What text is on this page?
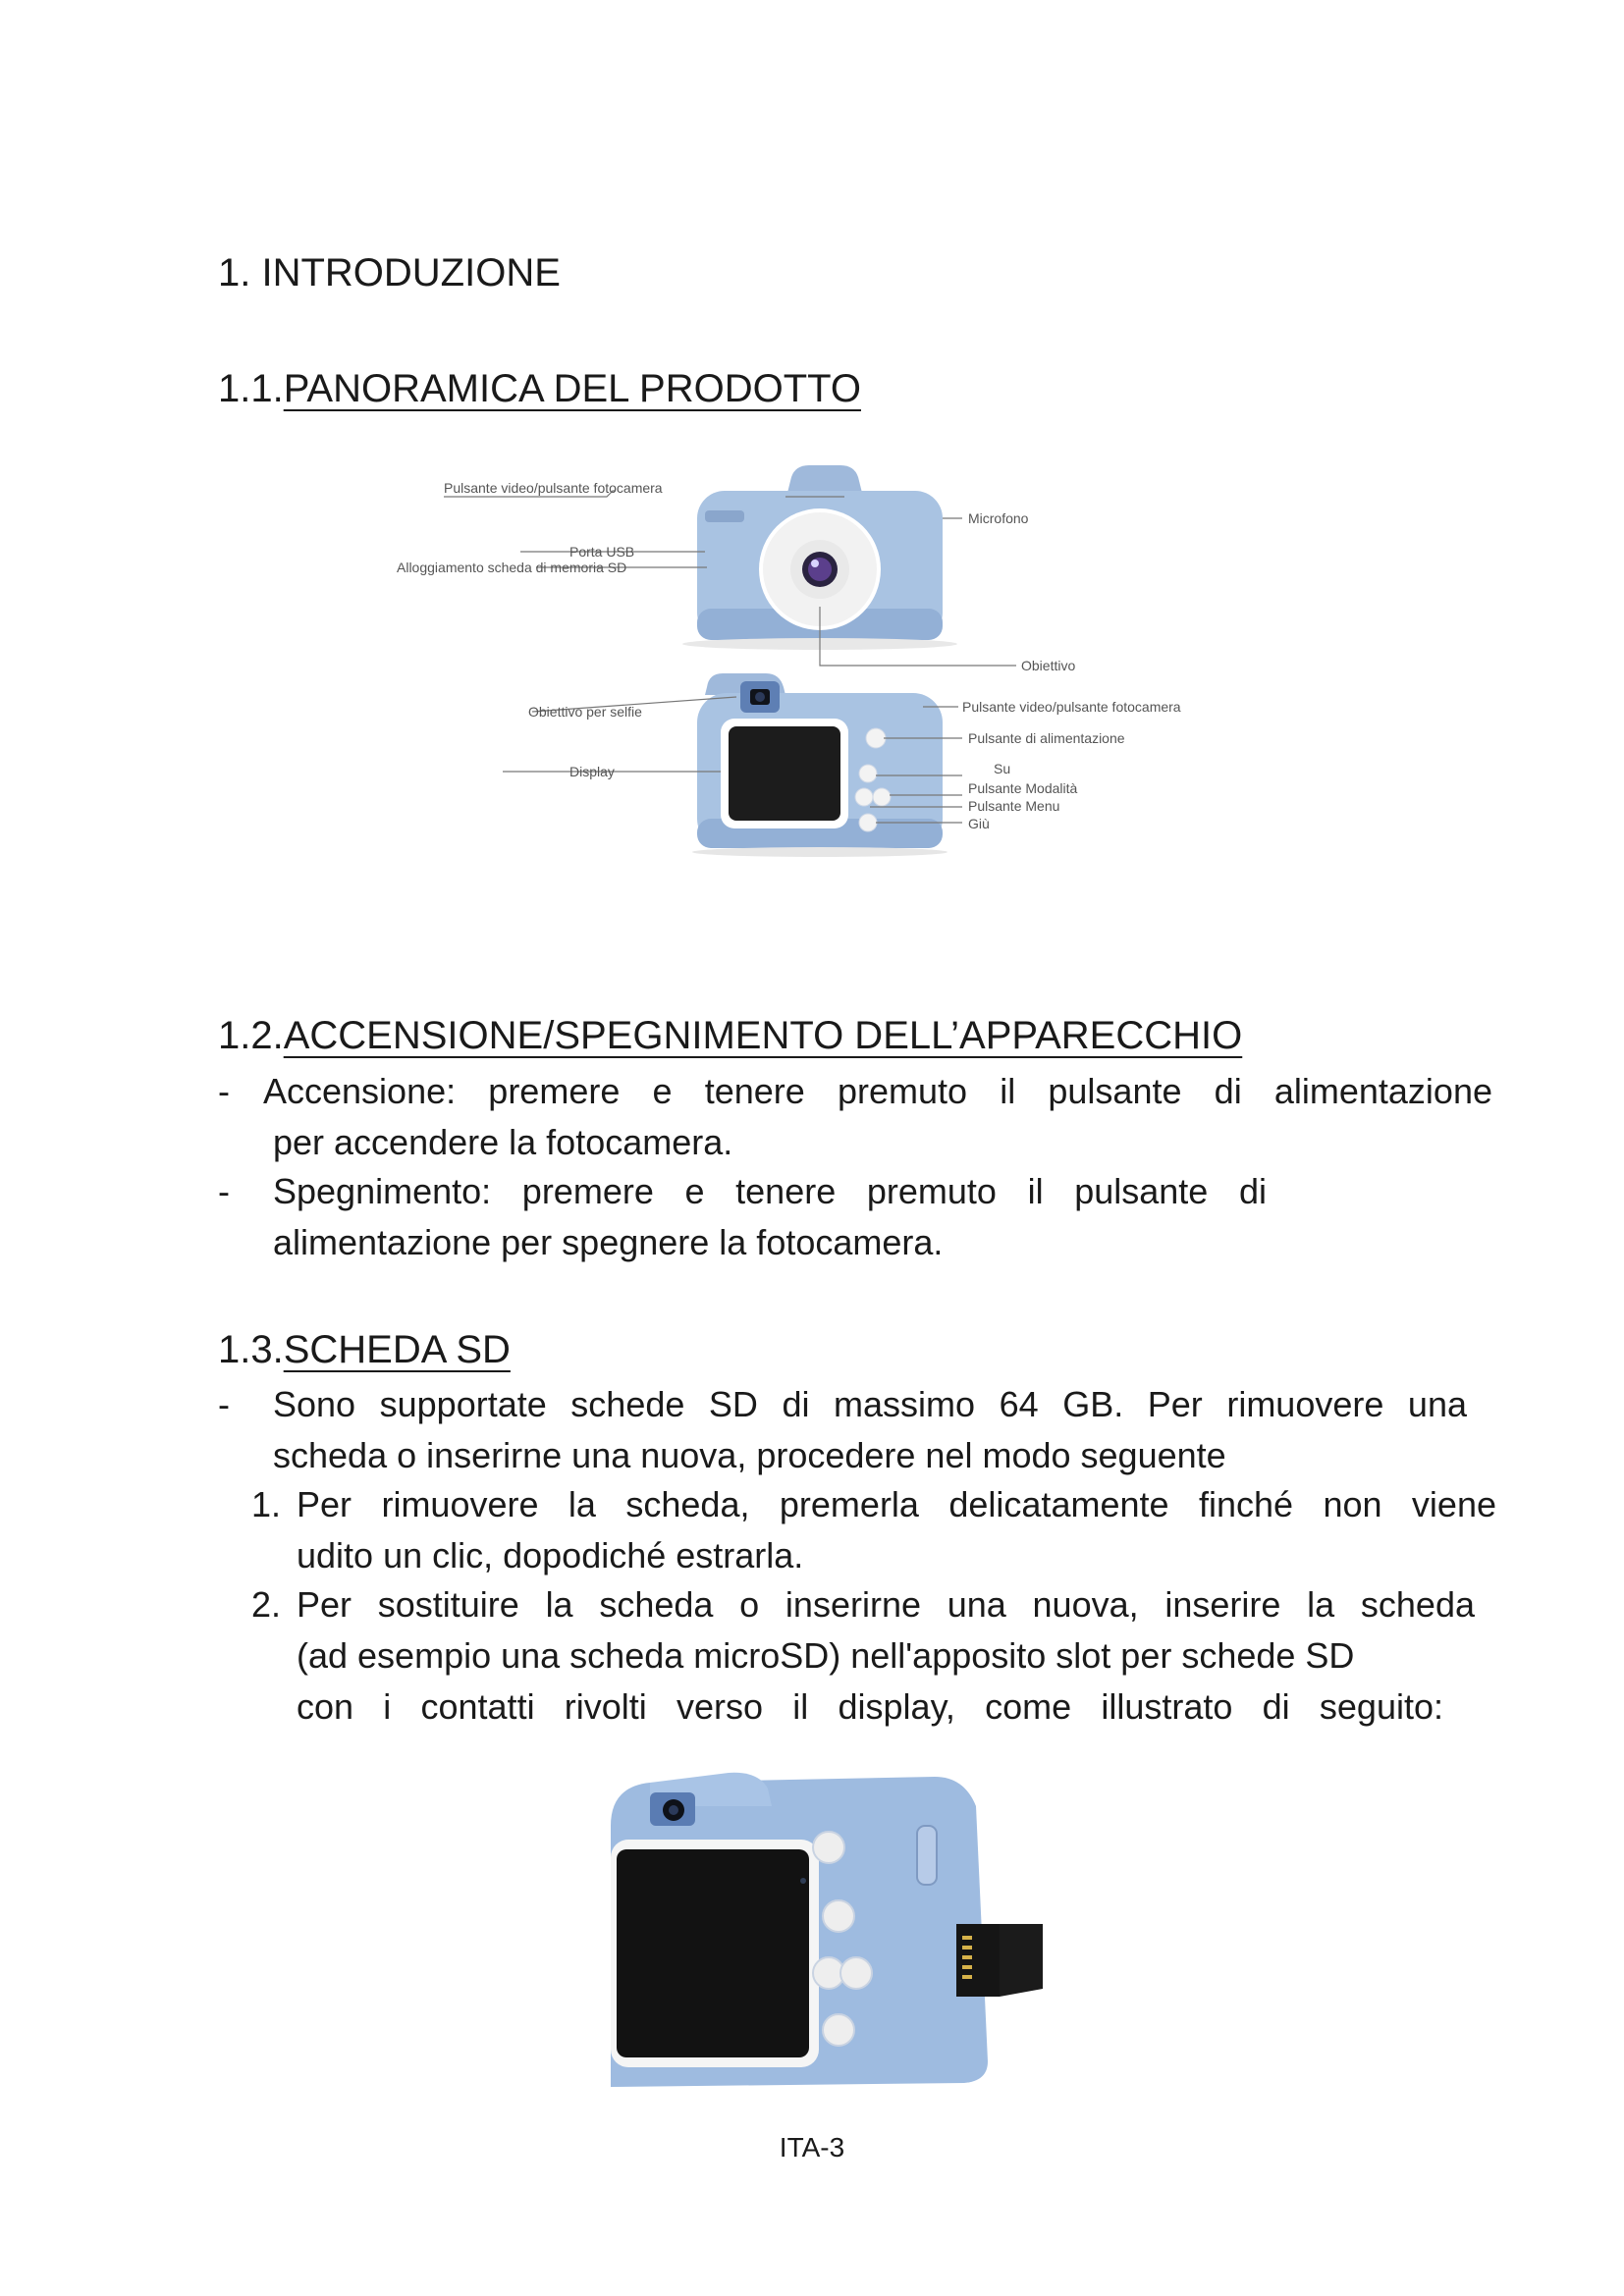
1. INTRODUZIONE
1.1.PANORAMICA DEL PRODOTTO
Pulsante video/pulsante fotocamera
Microfono
Porta USB
Alloggiamento scheda di memoria SD
Obiettivo
Obiettivo per selfie	Pulsante video/pulsante fotocamera
Pulsante di alimentazione
Display	Su
Pulsante Modalità
Pulsante Menu
Giù
1.2.ACCENSIONE/SPEGNIMENTO DELL’APPARECCHIO
- Accensione: premere e tenere premuto il pulsante di alimentazione
per accendere la fotocamera.
- Spegnimento: premere e tenere premuto il pulsante di
alimentazione per spegnere la fotocamera.
1.3.SCHEDA SD
- Sono supportate schede SD di massimo 64 GB. Per rimuovere una
scheda o inserirne una nuova, procedere nel modo seguente
1. Per rimuovere la scheda, premerla delicatamente finché non viene
udito un clic, dopodiché estrarla.
2. Per sostituire la scheda o inserirne una nuova, inserire la scheda
(ad esempio una scheda microSD) nell'apposito slot per schede SD
con i contatti rivolti verso il display, come illustrato di seguito:
ITA-3
